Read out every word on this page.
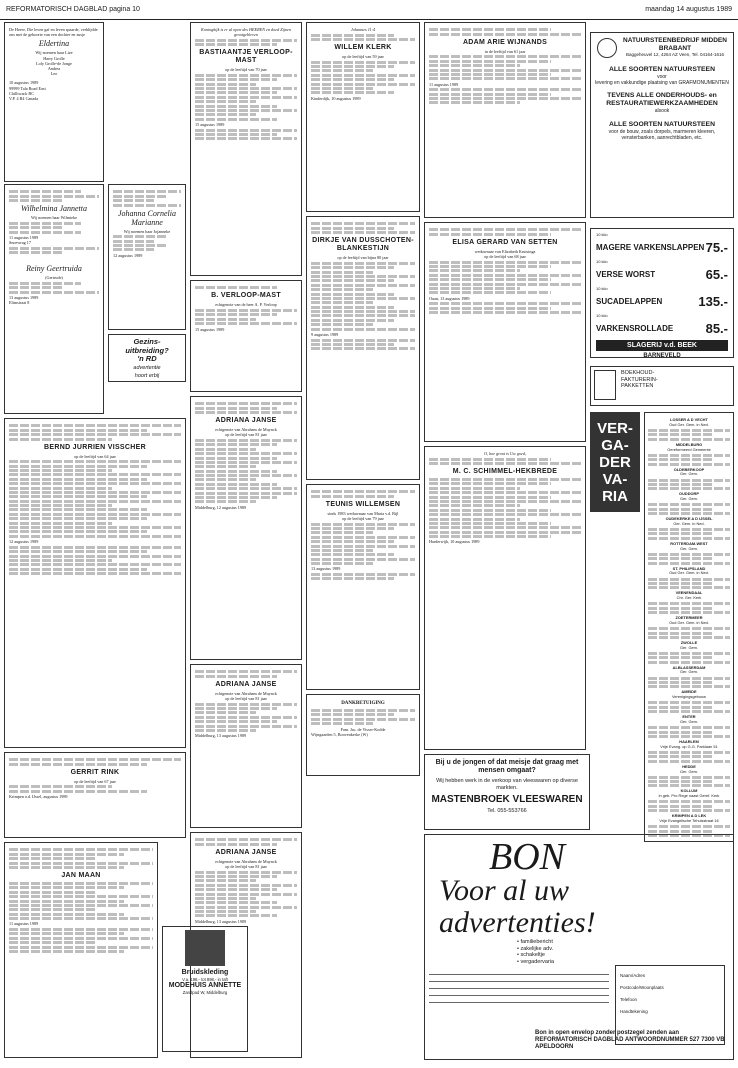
REFORMATORISCH DAGBLAD pagina 10	maandag 14 augustus 1989
De Heere, Die leven gaf en leven spaarde, verblijdde ons met de geboorte van een dochter en zusje
Eldertina
Wij noemen haar Lize
Harry Grolle
Loly Grolle-de Jonge
Andrea
Leo
10 augustus 1989
99999 Tala Road East
Chilliwack BC
V.P. 4 R4 Canada
Wilhelmina Jannetta
Wij noemen haar Wilmieke
11 augustus 1989
Snoewrag 17
Reiny Geertruida
(Gertrude)
13 augustus 1989
Elimstraat 8
Johanna Cornelia Marianne
Wij noemen haar Jojanneke
12 augustus 1989
Gezins-
uitbreiding?
'n RD
advertentie
hoort erbij
BERND JURRIEN VISSCHER
op de leeftijd van 64 jaar
12 augustus 1989
GERRIT RINK
op de leeftijd van 67 jaar
Krimpen a.d. IJssel, augustus 1989
JAN MAAN
11 augustus 1989
Koningkijk is er al open des HEEREN en doed Zijnen grootgebleven
BASTIAANTJE VERLOOP-MAST
op de leeftijd van 70 jaar
15 augustus 1989
B. VERLOOP-MAST
echtgenote van de heer A. P. Verloop
15 augustus 1989
ADRIANA JANSE
echtgenote van Abraham de Muynck
op de leeftijd van 81 jaar
Middelburg, 12 augustus 1989
ADRIANA JANSE
echtgenote van Abraham de Muynck
op de leeftijd van 81 jaar
Middelburg, 13 augustus 1989
ADRIANA JANSE
echtgenote van Abraham de Muynck
op de leeftijd van 81 jaar
Middelburg, 13 augustus 1989
Johannes 11:4
WILLEM KLERK
op de leeftijd van 59 jaar
Kinderdijk, 10 augustus 1989
DIRKJE VAN DUSSCHOTEN-BLANKESTIJN
op de leeftijd van bijna 80 jaar
9 augustus 1989
TEUNIS WILLEMSEN
sinds 1983 weduwnaar van Maria v.d. Bijl
op de leeftijd van 79 jaar
13 augustus 1989
DANKBETUIGING
Fam. Jac. de Visser-Kodde
Wijngaarden 5, Boovenkerke (W)
Bruidskleding
V.a. 198,- tot 898,- in taft
MODEHUIS ANNETTE
Zandpad W, Middelburg
ADAM ARIE WIJNANDS
in de leeftijd van 61 jaar
11 augustus 1989
ELISA GERARD VAN SETTEN
weduwnaar van Elizabeth Kruisinga
op de leeftijd van 68 jaar
Ouan, 13 augustus 1989
O, hoe groot is Uw goed,
M. C. SCHIMMEL-HEKBREDE
Harderwijk, 10 augustus 1989
Bij u de jongen of dat meisje dat graag met mensen omgaat?
Wij hebben werk in de verkoop van vleeswaren op diverse markten.
MASTENBROEK VLEESWAREN
Tel. 055-553766
NATUURSTEENBEDRIJF MIDDEN BRABANT
Baggeheuvel 12, 4264 AZ Veen, Tel. 04164-1616
ALLE SOORTEN NATUURSTEEN
voor
levering en vakkundige plaatsing van GRAFMONUMENTEN
TEVENS ALLE ONDERHOUDS- en RESTAURATIEWERKZAAMHEDEN
alsook
ALLE SOORTEN NATUURSTEEN
voor de bouw, zoals dorpels, marmeren kleeren, vensterbanken, aanrechtbladen, etc.
10 kilo
MAGERE VARKENSLAPPEN 75.-
10 kilo
VERSE WORST	65.-
10 kilo
SUCADELAPPEN	135.-
10 kilo
VARKENSROLLADE 85.-
SLAGERIJ v.d. BEEK
BARNEVELD
BOEKHOUD-
FAKTURERIN-
PAKKETTEN
VER-
GA-
DER
VA-
RIA
LOSSER A D VECHT
Oud Ger. Gem. in Ned.
MIDDELBURG
Gereformeerd Gemeente
OLDEBERKOOP
Ger. Gem.
OUDDORP
Ger. Gem.
OUDEKERKE A D IJSSEL
Ger. Gem. in Ned.
ROTTERDAM-WEST
Ger. Gem.
ST. PHILIPSLAND
Oud Ger. Gem. in Ned.
VEENENDAAL
Chr. Ger. Kerk
ZOETERMEER
Oud Ger. Gem. in Ned.
ZWOLLE
Ger. Gem.
ALBLASSERDAM
Ger. Gem.
AMEIDE
Verenigingsgebouw
ENTER
Ger. Gem.
HAARLEM
Vrije Evang. op G.G. Parklaan 51
HEDDE
Ger. Gem.
KOLLUM
in geb. Pro Rege naast Geref. Kerk
KRIMPEN A D LEK
Vrije Evangelische Tehuisstraat 16
BON
Voor al uw advertenties!
• familiebericht
• zakelijke adv.
• schakeltje
• vergadervaria
Naam/Adres
Postcode/Woonplaats
Telefoon
Handtekening
Bon in open envelop zonder postzegel zenden aan REFORMATORISCH DAGBLAD ANTWOORDNUMMER 527 7300 VB APELDOORN
